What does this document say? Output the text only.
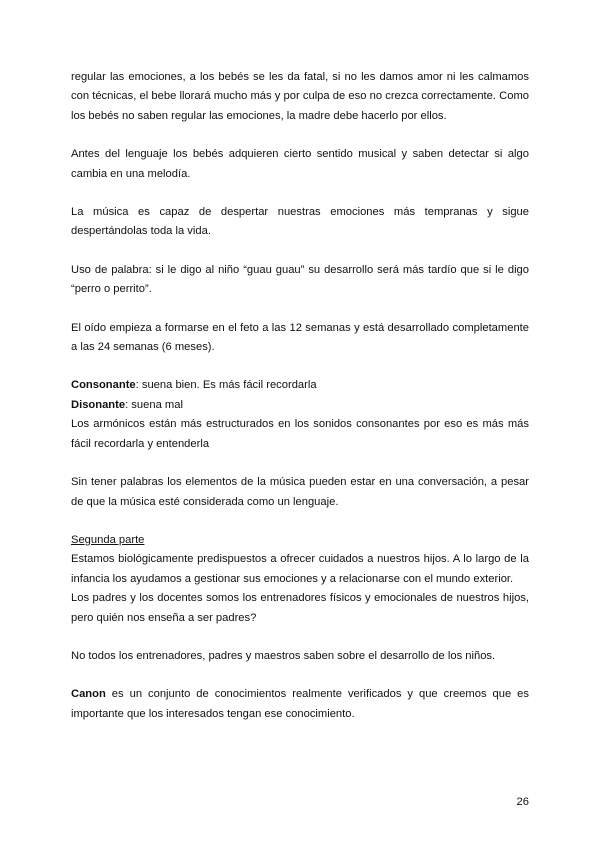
regular las emociones, a los bebés se les da fatal, si no les damos amor ni les calmamos con técnicas, el bebe llorará mucho más y por culpa de eso no crezca correctamente. Como los bebés no saben regular las emociones, la madre debe hacerlo por ellos.

Antes del lenguaje los bebés adquieren cierto sentido musical y saben detectar si algo cambia en una melodía.

La música es capaz de despertar nuestras emociones más tempranas y sigue despertándolas toda la vida.

Uso de palabra: si le digo al niño “guau guau” su desarrollo será más tardío que si le digo “perro o perrito”.

El oído empieza a formarse en el feto a las 12 semanas y está desarrollado completamente a las 24 semanas (6 meses).

Consonante: suena bien. Es más fácil recordarla

Disonante: suena mal

Los armónicos están más estructurados en los sonidos consonantes por eso es más más fácil recordarla y entenderla

Sin tener palabras los elementos de la música pueden estar en una conversación, a pesar de que la música esté considerada como un lenguaje.

Segunda parte

Estamos biológicamente predispuestos a ofrecer cuidados a nuestros hijos. A lo largo de la infancia los ayudamos a gestionar sus emociones y a relacionarse con el mundo exterior.

Los padres y los docentes somos los entrenadores físicos y emocionales de nuestros hijos, pero quién nos enseña a ser padres?

No todos los entrenadores, padres y maestros saben sobre el desarrollo de los niños.

Canon es un conjunto de conocimientos realmente verificados y que creemos que es importante que los interesados tengan ese conocimiento.

26
